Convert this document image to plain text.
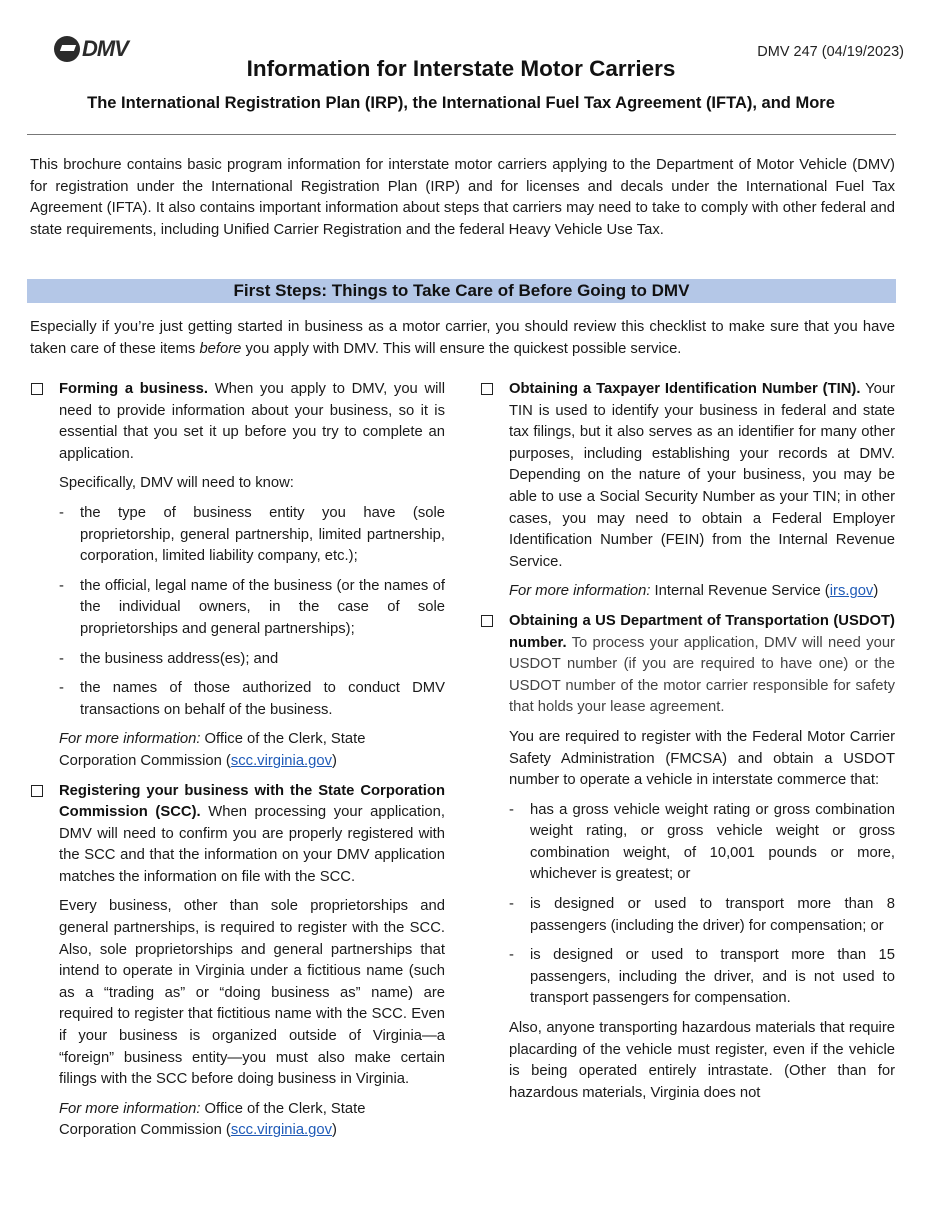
DMV	DMV 247 (04/19/2023)
Information for Interstate Motor Carriers
The International Registration Plan (IRP), the International Fuel Tax Agreement (IFTA), and More
This brochure contains basic program information for interstate motor carriers applying to the Department of Motor Vehicle (DMV) for registration under the International Registration Plan (IRP) and for licenses and decals under the International Fuel Tax Agreement (IFTA). It also contains important information about steps that carriers may need to take to comply with other federal and state requirements, including Unified Carrier Registration and the federal Heavy Vehicle Use Tax.
First Steps: Things to Take Care of Before Going to DMV
Especially if you’re just getting started in business as a motor carrier, you should review this checklist to make sure that you have taken care of these items before you apply with DMV. This will ensure the quickest possible service.

Forming a business. When you apply to DMV, you will need to provide information about your business, so it is essential that you set it up before you try to complete an application.

Specifically, DMV will need to know:

- the type of business entity you have (sole proprietorship, general partnership, limited partnership, corporation, limited liability company, etc.);
- the official, legal name of the business (or the names of the individual owners, in the case of sole proprietorships and general partnerships);
- the business address(es); and
- the names of those authorized to conduct DMV transactions on behalf of the business.

For more information: Office of the Clerk, State Corporation Commission (scc.virginia.gov)

Registering your business with the State Corporation Commission (SCC). When processing your application, DMV will need to confirm you are properly registered with the SCC and that the information on your DMV application matches the information on file with the SCC.

Every business, other than sole proprietorships and general partnerships, is required to register with the SCC. Also, sole proprietorships and general partnerships that intend to operate in Virginia under a fictitious name (such as a “trading as” or “doing business as” name) are required to register that fictitious name with the SCC. Even if your business is organized outside of Virginia—a “foreign” business entity—you must also make certain filings with the SCC before doing business in Virginia.

For more information: Office of the Clerk, State Corporation Commission (scc.virginia.gov)

Obtaining a Taxpayer Identification Number (TIN). Your TIN is used to identify your business in federal and state tax filings, but it also serves as an identifier for many other purposes, including establishing your records at DMV. Depending on the nature of your business, you may be able to use a Social Security Number as your TIN; in other cases, you may need to obtain a Federal Employer Identification Number (FEIN) from the Internal Revenue Service.

For more information: Internal Revenue Service (irs.gov)

Obtaining a US Department of Transportation (USDOT) number. To process your application, DMV will need your USDOT number (if you are required to have one) or the USDOT number of the motor carrier responsible for safety that holds your lease agreement.

You are required to register with the Federal Motor Carrier Safety Administration (FMCSA) and obtain a USDOT number to operate a vehicle in interstate commerce that:

- has a gross vehicle weight rating or gross combination weight rating, or gross vehicle weight or gross combination weight, of 10,001 pounds or more, whichever is greatest; or
- is designed or used to transport more than 8 passengers (including the driver) for compensation; or
- is designed or used to transport more than 15 passengers, including the driver, and is not used to transport passengers for compensation.

Also, anyone transporting hazardous materials that require placarding of the vehicle must register, even if the vehicle is being operated entirely intrastate. (Other than for hazardous materials, Virginia does not
